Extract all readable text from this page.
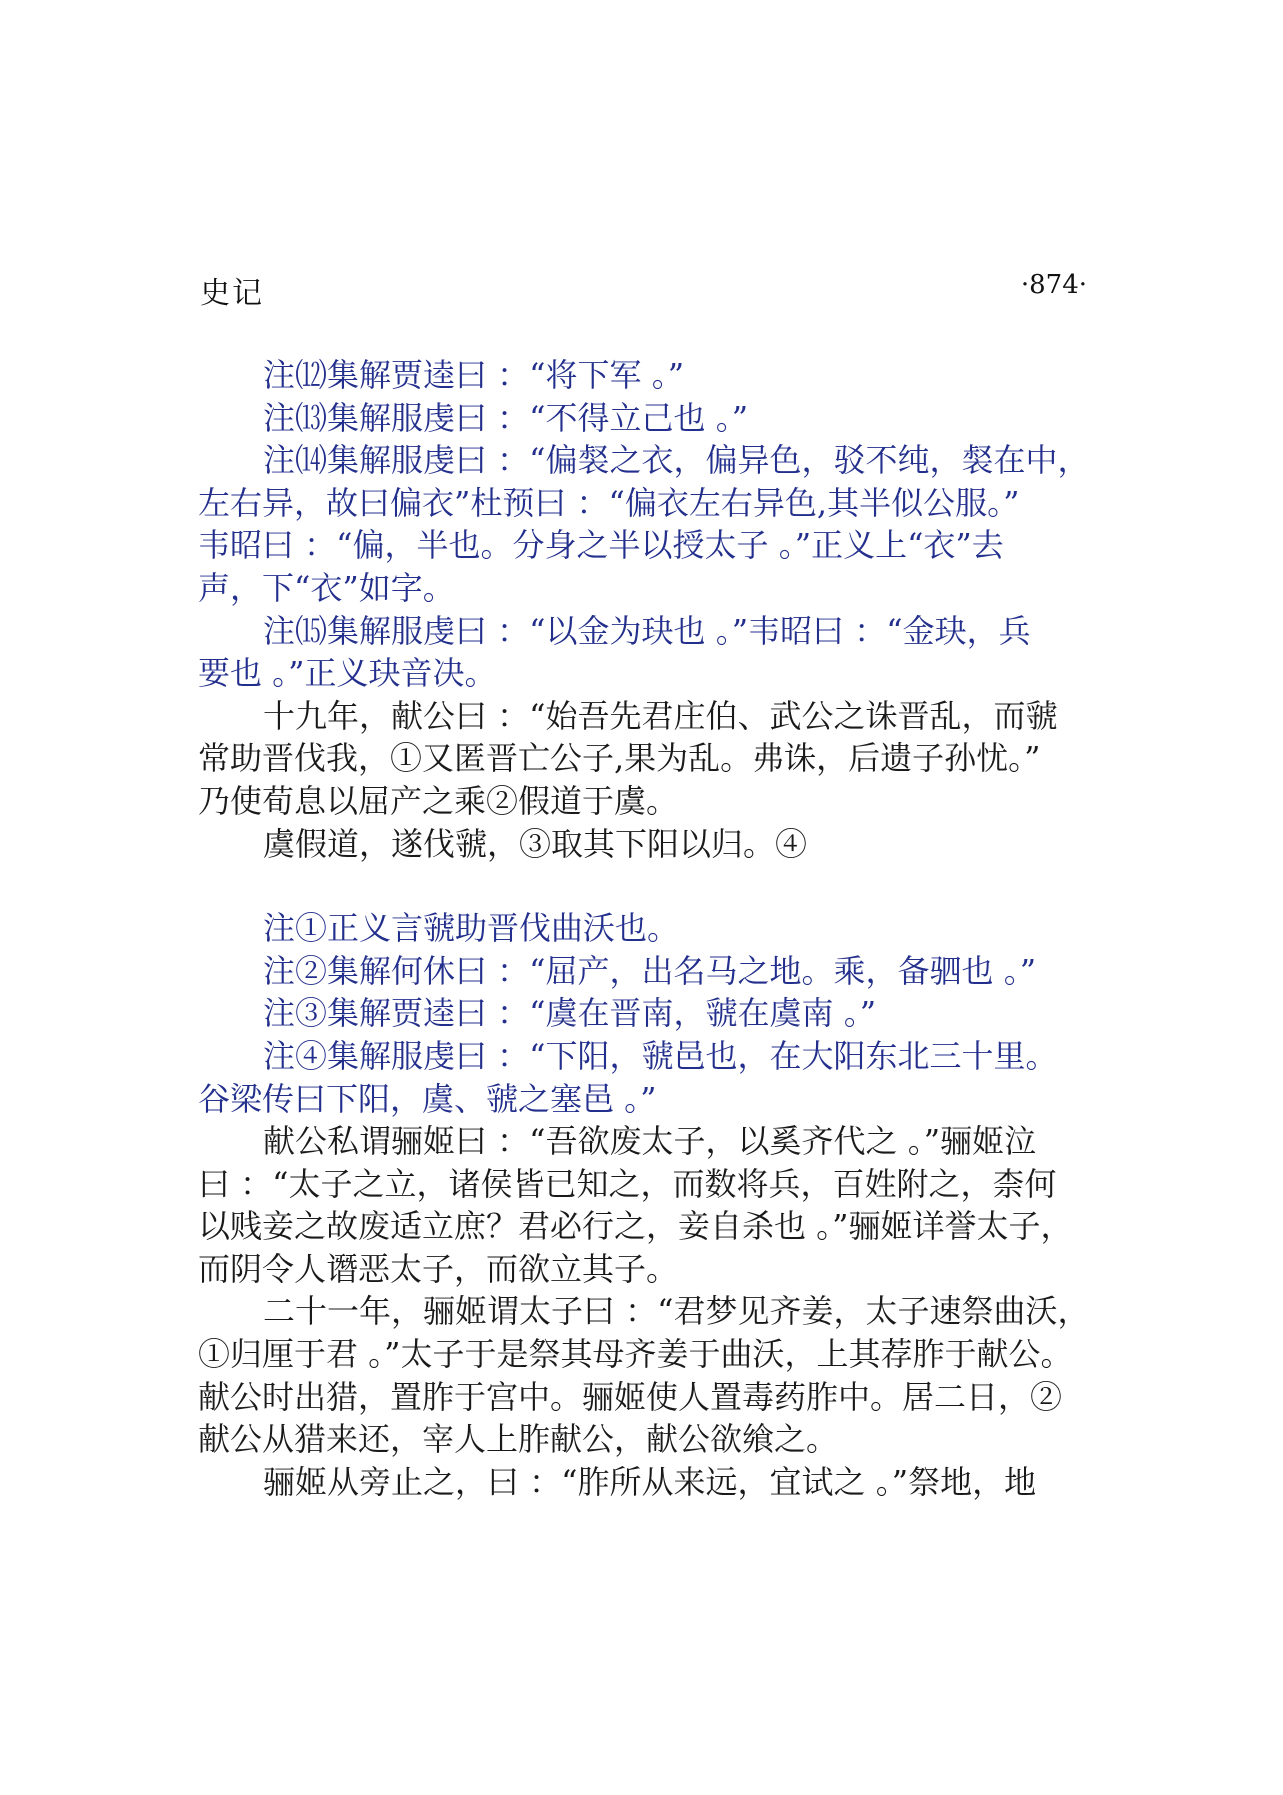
史记	·874·
注⑿集解贾逵曰 ：“将下军 。”
注⒀集解服虔曰 ：“不得立己也 。”
注⒁集解服虔曰 ：“偏裻之衣，偏异色，驳不纯，裻在中，
左右异，故曰偏衣”杜预曰 ：“偏衣左右异色,其半似公服。”
韦昭曰 ：“偏，半也。分身之半以授太子 。”正义上“衣”去
声，下“衣”如字。
注⒂集解服虔曰 ：“以金为玦也 。”韦昭曰 ：“金玦，兵
要也 。”正义玦音决。
十九年，献公曰 ：“始吾先君庄伯、武公之诛晋乱，而虢
常助晋伐我，①又匿晋亡公子,果为乱。弗诛，后遗子孙忧。”
乃使荀息以屈产之乘②假道于虞。
虞假道，遂伐虢，③取其下阳以归。④
注①正义言虢助晋伐曲沃也。
注②集解何休曰 ：“屈产，出名马之地。乘，备驷也 。”
注③集解贾逵曰 ：“虞在晋南，虢在虞南 。”
注④集解服虔曰 ：“下阳，虢邑也，在大阳东北三十里。
谷梁传曰下阳，虞、虢之塞邑 。”
献公私谓骊姬曰 ：“吾欲废太子，以奚齐代之 。”骊姬泣
曰 ：“太子之立，诸侯皆已知之，而数将兵，百姓附之，柰何
以贱妾之故废适立庶？君必行之，妾自杀也 。”骊姬详誉太子，
而阴令人谮恶太子，而欲立其子。
二十一年，骊姬谓太子曰 ：“君梦见齐姜，太子速祭曲沃，
①归厘于君 。”太子于是祭其母齐姜于曲沃，上其荐胙于献公。
献公时出猎，置胙于宫中。骊姬使人置毒药胙中。居二日，②
献公从猎来还，宰人上胙献公，献公欲飨之。
骊姬从旁止之，曰 ：“胙所从来远，宜试之 。”祭地，地
